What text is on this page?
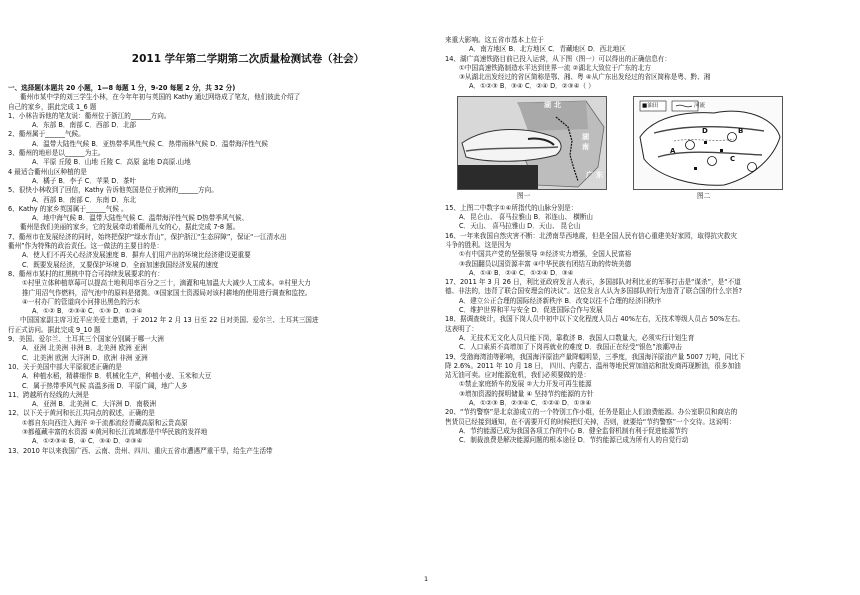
2011 学年第二学期第二次质量检测试卷（社会）
一、选择题(本题共 20 小题，1—8 每题 1 分，9-20 每题 2 分，共 32 分)
衢州市某中学的刘三学生小林，在今年年初与英国的 Kathy 通过网络成了笔友，他们彼此介绍了
自己的家乡，据此完成 1_6 题
1、小林告诉他的笔友说：衢州位于浙江的______方向。
A．东部 B．南部 C．西部 D．北部
2、衢州属于______气候。
A．温带大陆性气候 B．亚热带季风性气候 C．热带雨林气候 D．温带海洋性气候
3、衢州的地形是以______为主。
A．平原 丘陵 B．山地 丘陵 C．高原 盆地 D高原.山地
4 最适合衢州山区种植的是
A．橘子 B．李子 C．苹果 D．茶叶
5、很快小林收到了回信，Kathy 告诉他英国是位于欧洲的______方向。
A．西部 B．南部 C．东南 D．东北
6、Kathy 的家乡英国属于______气候 。
A．地中海气候 B．温带大陆性气候 C．温带海洋性气候 D热带季风气候、
衢州是我们美丽的家乡，它的发展牵动着衢州儿女的心，据此完成 7-8 题。
7、衢州市在发展经济的同时，始终把保护“绿水青山”，保护浙江“生态屏障”，保证“一江清水出
衢州”作为特殊的政治责任。这一做法的主要目的是：
A．使人们不再关心经济发展速度 B．摒弃人们用产出的环境比经济建设更重要
C．既要发展经济，又要保护环境 D．全面加速我国经济发展的速度
8、衢州市某村的红黑桃中符合可持续发展要求的有：
①村里立体种植草莓可以提高土地利用率百分之三十，滴灌和电加温大大减少人工成本。②村里大力
推广用沼气作燃料，沼气池中的原料是猪粪。③国家国土资源局对该村耕地的使用进行调查和监控。
④一村办厂的管道向小河排出黑色的污水
A．①② B．②③④ C．①③ D．①②④
中国国家副主席习近平应美爱士邀请，于 2012 年 2 月 13 日至 22 日对美国、爱尔兰、土耳其三国进
行正式访问。据此完成 9_10 题
9、美国、爱尔兰、土耳其三个国家分别属于哪一大洲
A．亚洲 北美洲 非洲 B．北美洲 欧洲 亚洲
C．北美洲 欧洲 大洋洲 D．欧洲 非洲 亚洲
10、关于美国中部大平原叙述正确的是
A．种植水稻，精耕细作 B．机械化生产，种植小麦、玉米和大豆
C．属于热带季风气候 高温多雨 D．平原广阔，地广人多
11、跨越所有经线的大洲是
A．亚洲 B．北美洲 C．大洋洲 D．南极洲
12、以下关于黄河和长江共同点的叙述，正确的是
①都自东向西注入海洋 ②干流都流经青藏高原和云贵高原
③都蕴藏丰富的水资源 ④黄河和长江流域都是中华民族的发祥地
A．①②③④ B．④ C．③④ D．②③④
13、2010 年以来我国广西、云南、贵州、四川、重庆五省市遭遇严重干旱，给生产生活带
来重大影响。这五省市基本上位于
A．南方地区 B．北方地区 C．青藏地区 D．西北地区
14、湖广高速铁路目前已投入运营，从下图（图一）可以得出的正确信息有：
①中国高速铁路制造水平达到世界一流 ②湖北大致位于广东的北方
③从湖北出发经过的省区简称是鄂、湘、粤 ④从广东出发经过的省区简称是粤、黔、湘
A．①②③ B．③④ C．②④ D．②③④（ ）
湖 北
湖
南
广 东
■油田	河流
B
C
A
D
图一	图二
15、上图二中数字①④所指代的山脉分别是：
A．昆仑山、 喜马拉雅山 B．祁连山、 横断山
C．天山、 喜马拉雅山 D．天山、 昆仑山
16、一年来我国自然灾害不断：北涝南旱西地震，但是全国人民有信心重建美好家园，取得抗灾救灾
斗争的胜利。这是因为
①有中国共产党的坚强领导 ②经济实力增强，全国人民富裕
③我国翻员以国资源丰富 ④中华民族有团结互助的传统美德
A．①④ B．②④ C．①②④ D．③④
17、2011 年 3 月 26 日，利比亚政府发言人表示，多国部队对利比亚的军事打击是“谋杀”，是“不道
德、非法的，违背了联合国安理会的决议”。这位发言人认为多国部队的行为违背了联合国的什么宗旨?
A．建立公正合理的国际经济新秩序 B．改变以往不合理的经济旧秩序
C．维护世界和平与安全 D．促进国际合作与发展
18、据调查统计，我国下岗人员中初中以下文化程度人员占 40%左右，无技术等级人员占 50%左右。
这表明了：
A．无技术无文化人员只能下岗，靠救济 B．我国人口数量大，必须实行计划生育
C．人口素质不高增加了下岗再就业的难度 D．我国正在经受“银色”浪潮冲击
19、受渤海湾油等影响，我国海洋原油产量降幅明显，三季度，我国海洋原油产量 5007 万吨，同比下
降 2.6%。2011 年 10 月 18 日， 四川、内蒙古、温州等地民营加油站和批发商再现断油，很多加油
站无油可卖。应对能源危机，我们必须要做的是：
①禁止家庭轿车的发展 ②大力开发可再生能源
③增加资源的探明储量 ④ 坚持节约能源的方针
A．①②③ B．②③④ C．①②④ D．①③④
20、“节约警察”是北京游成立的一个特别工作小组，任务是阻止人们浪费能源。办公室职员和商店的
售货员已经接到通知，在不需要开灯的时候把灯关掉，否则，就要给“节约警察”一个交待。这说明：
A．节约能源已成为我国各项工作的中心 B．健全监督机制有利于促进能源节约
C．制裁浪费是解决能源问题的根本途径 D．节约能源已成为所有人的自觉行动
1
